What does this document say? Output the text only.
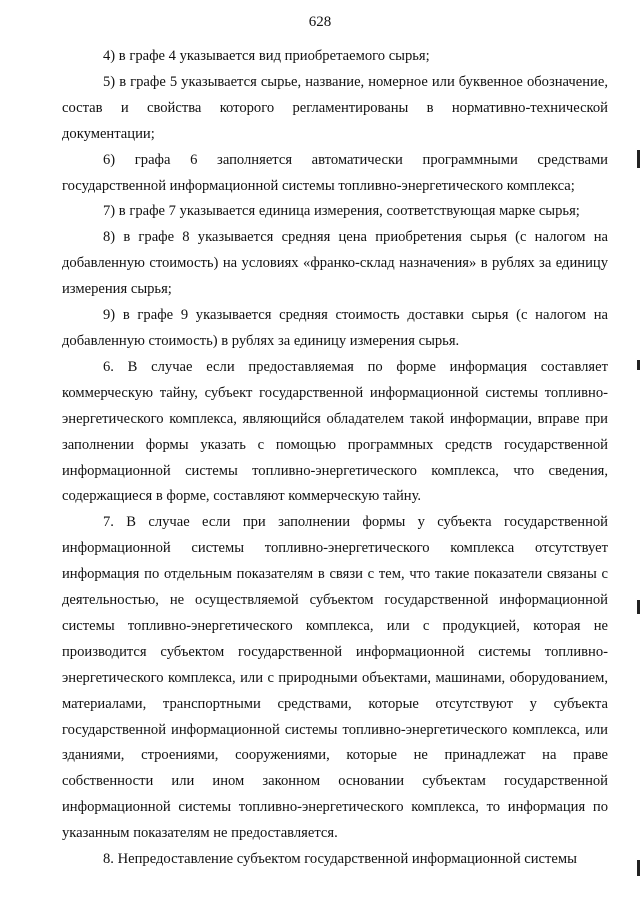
628

4) в графе 4 указывается вид приобретаемого сырья;

5) в графе 5 указывается сырье, название, номерное или буквенное обозначение, состав и свойства которого регламентированы в нормативно-технической документации;

6) графа 6 заполняется автоматически программными средствами государственной информационной системы топливно-энергетического комплекса;

7) в графе 7 указывается единица измерения, соответствующая марке сырья;

8) в графе 8 указывается средняя цена приобретения сырья (с налогом на добавленную стоимость) на условиях «франко-склад назначения» в рублях за единицу измерения сырья;

9) в графе 9 указывается средняя стоимость доставки сырья (с налогом на добавленную стоимость) в рублях за единицу измерения сырья.

6. В случае если предоставляемая по форме информация составляет коммерческую тайну, субъект государственной информационной системы топливно-энергетического комплекса, являющийся обладателем такой информации, вправе при заполнении формы указать с помощью программных средств государственной информационной системы топливно-энергетического комплекса, что сведения, содержащиеся в форме, составляют коммерческую тайну.

7. В случае если при заполнении формы у субъекта государственной информационной системы топливно-энергетического комплекса отсутствует информация по отдельным показателям в связи с тем, что такие показатели связаны с деятельностью, не осуществляемой субъектом государственной информационной системы топливно-энергетического комплекса, или с продукцией, которая не производится субъектом государственной информационной системы топливно-энергетического комплекса, или с природными объектами, машинами, оборудованием, материалами, транспортными средствами, которые отсутствуют у субъекта государственной информационной системы топливно-энергетического комплекса, или зданиями, строениями, сооружениями, которые не принадлежат на праве собственности или ином законном основании субъектам государственной информационной системы топливно-энергетического комплекса, то информация по указанным показателям не предоставляется.

8. Непредоставление субъектом государственной информационной системы
